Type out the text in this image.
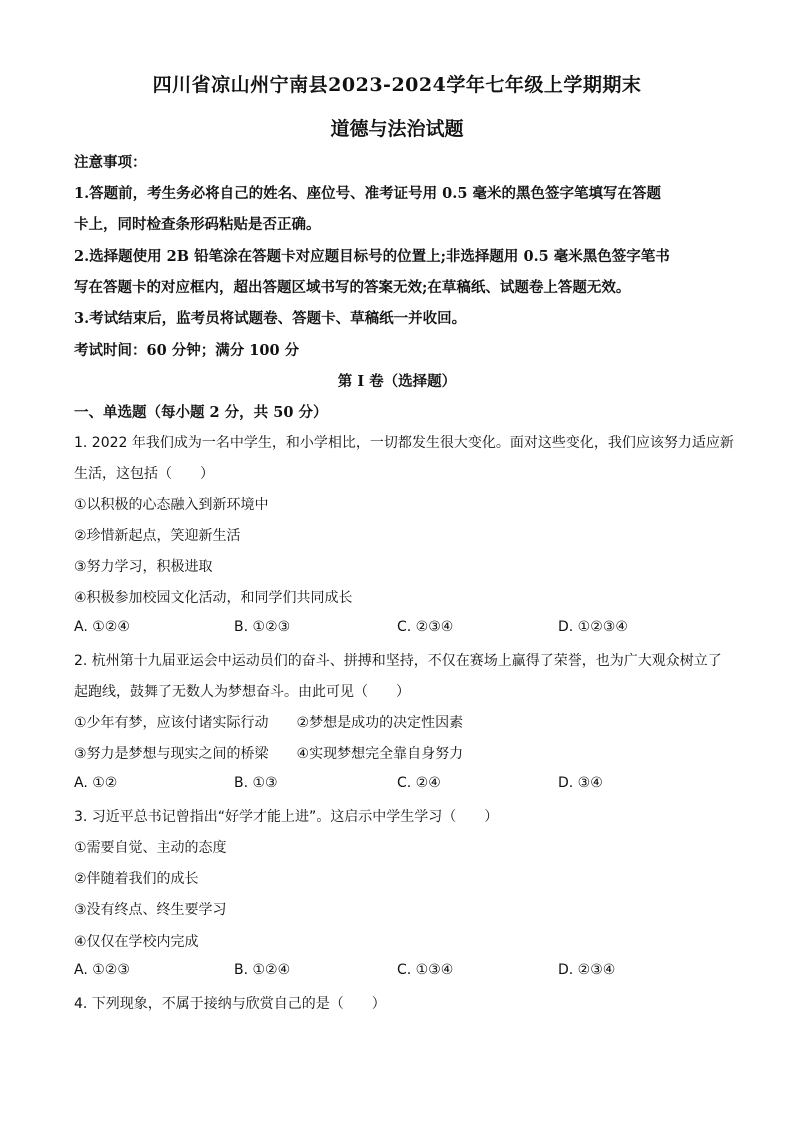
四川省凉山州宁南县2023-2024学年七年级上学期期末
道德与法治试题
注意事项：
1.答题前，考生务必将自己的姓名、座位号、准考证号用 0.5 毫米的黑色签字笔填写在答题
卡上，同时检查条形码粘贴是否正确。
2.选择题使用 2B 铅笔涂在答题卡对应题目标号的位置上;非选择题用 0.5 毫米黑色签字笔书
写在答题卡的对应框内，超出答题区域书写的答案无效;在草稿纸、试题卷上答题无效。
3.考试结束后，监考员将试题卷、答题卡、草稿纸一并收回。
考试时间：60 分钟；满分 100 分
第 I 卷（选择题）
一、单选题（每小题 2 分，共 50 分）
1. 2022 年我们成为一名中学生，和小学相比，一切都发生很大变化。面对这些变化，我们应该努力适应新
生活，这包括（　　）
①以积极的心态融入到新环境中
②珍惜新起点，笑迎新生活
③努力学习，积极进取
④积极参加校园文化活动，和同学们共同成长
A. ①②④	B. ①②③	C. ②③④	D. ①②③④
2. 杭州第十九届亚运会中运动员们的奋斗、拼搏和坚持，不仅在赛场上赢得了荣誉，也为广大观众树立了
起跑线，鼓舞了无数人为梦想奋斗。由此可见（　　）
①少年有梦，应该付诸实际行动　　②梦想是成功的决定性因素
③努力是梦想与现实之间的桥梁　　④实现梦想完全靠自身努力
A. ①②	B. ①③	C. ②④	D. ③④
3. 习近平总书记曾指出“好学才能上进”。这启示中学生学习（　　）
①需要自觉、主动的态度
②伴随着我们的成长
③没有终点、终生要学习
④仅仅在学校内完成
A. ①②③	B. ①②④	C. ①③④	D. ②③④
4. 下列现象，不属于接纳与欣赏自己的是（　　）
